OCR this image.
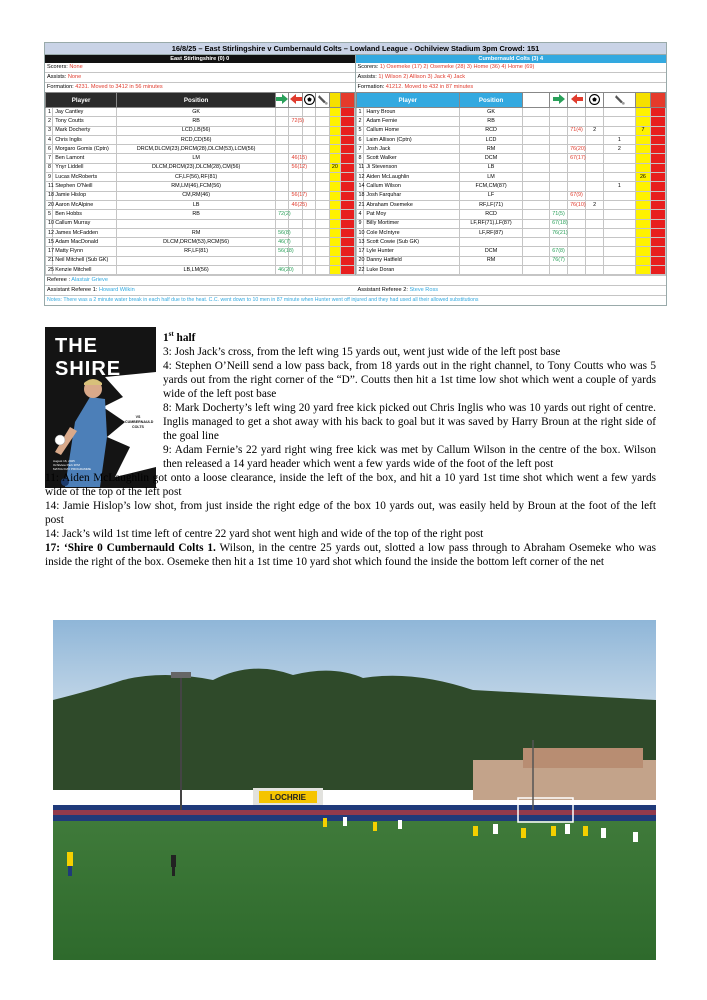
16/8/25 – East Stirlingshire v Cumbernauld Colts – Lowland League - Ochilview Stadium 3pm Crowd: 151
East Stirlingshire (0) 0
Scorers: None
Assists: None
Formation: 4231. Moved to 3412 in 56 minutes
Cumbernauld Colts (3) 4
Scorers: 1) Osemeke (17) 2) Osemeke (28) 3) Home (36) 4) Home (69)
Assists: 1) Wilson 2) Allison 3) Jack 4) Jack
Formation: 41212. Moved to 432 in 87 minutes
Player		Position						
1	Jay Cantley	GK						
2	Tony Coutts	RB		72(5)				
3	Mark Docherty	LCD,LB(56)						
4	Chris Inglis	RCD,CD(56)						
6	Morgaro Gomis (Cptn)	DRCM,DLCM(23),DRCM(28),DLCM(53),LCM(56)						
7	Ben Lamont	LM		46(15)				
8	Ynyr Liddell	DLCM,DRCM(23),DLCM(28),CM(56)		56(12)			20	
9	Lucas McRoberts	CF,LF(56),RF(81)						
11	Stephen O'Neill	RM,LM(46),FCM(56)						
18	Jamie Hislop	CM,RM(46)		56(17)				
20	Aaron McAlpine	LB		46(25)				
5	Ben Hobbs	RB	72(2)					
10	Callum Murray							
12	James McFadden	RM	56(8)					
15	Adam MacDonald	DLCM,DRCM(53),RCM(56)	46(7)					
17	Matty Flynn	RF,LF(81)	56(18)					
21	Neil Mitchell (Sub GK)							
25	Kenzie Mitchell	LB,LM(56)	46(20)					
Player		Position							
1	Harry Broun	GK							
2	Adam Fernie	RB							
5	Callum Home	RCD			71(4)	2		7	
6	Laim Allison (Cptn)	LCD					1		
7	Josh Jack	RM			76(20)		2		
8	Scott Walker	DCM			67(17)				
11	Ji Stevenson	LB							
12	Aiden McLaughlin	LM						26	
14	Callum Wilson	FCM,CM(87)					1		
18	Josh Farquhar	LF			67(9)				
21	Abraham Osemeke	RF,LF(71)			76(10)	2			
4	Pat Moy	RCD		71(5)					
9	Billy Mortimer	LF,RF(71),LF(87)		67(18)					
10	Cole McIntyre	LF,RF(87)		76(21)					
13	Scott Cowie (Sub GK)								
17	Lyle Hunter	DCM		67(8)					
20	Danny Hatfield	RM		76(7)					
22	Luke Doran								
Referee : Alastair Grieve
Assistant Referee 1: Howard Wilkin	Assistant Referee 2: Steve Ross
Notes: There was a 2 minute water break in each half due to the heat. C.C. went down to 10 men in 87 minute when Hunter went off injured and they had used all their allowed substitutions
THE SHIRE
VS
CUMBERNAULD
COLTS
August 16, 2025
Ochilview Park 3PM
MATCH DAY PROGRAMME

1st half

3: Josh Jack’s cross, from the left wing 15 yards out, went just wide of the left post base

4: Stephen O’Neill send a low pass back, from 18 yards out in the right channel, to Tony Coutts who was 5 yards out from the right corner of the “D”. Coutts then hit a 1st time low shot which went a couple of yards wide of the left post base

8: Mark Docherty’s left wing 20 yard free kick picked out Chris Inglis who was 10 yards out right of centre. Inglis managed to get a shot away with his back to goal but it was saved by Harry Broun at the right side of the goal line

9: Adam Fernie’s 22 yard right wing free kick was met by Callum Wilson in the centre of the box. Wilson then released a 14 yard header which went a few yards wide of the foot of the left post

11: Aiden McLaughlin got onto a loose clearance, inside the left of the box, and hit a 10 yard 1st time shot which went a few yards wide of the top of the left post

14: Jamie Hislop’s low shot, from just inside the right edge of the box 10 yards out, was easily held by Broun at the foot of the left post

14: Jack’s wild 1st time left of centre 22 yard shot went high and wide of the top of the right post

17: ‘Shire 0 Cumbernauld Colts 1. Wilson, in the centre 25 yards out, slotted a low pass through to Abraham Osemeke who was inside the right of the box. Osemeke then hit a 1st time 10 yard shot which found the inside the bottom left corner of the net

LOCHRIE
